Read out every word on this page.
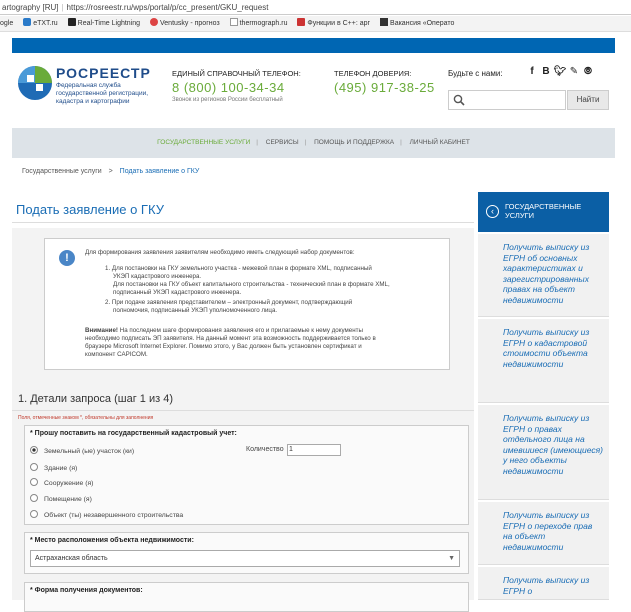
artography [RU] | https://rosreestr.ru/wps/portal/p/cc_present/GKU_request
ogle	eTXT.ru	Real-Time Lightning	Ventusky - прогноз	thermograph.ru	Функции в C++: арг	Вакансия «Операто
РОСРЕЕСТР
Федеральная служба государственной регистрации, кадастра и картографии
ЕДИНЫЙ СПРАВОЧНЫЙ ТЕЛЕФОН:
8 (800) 100-34-34
Звонок из регионов России бесплатный
ТЕЛЕФОН ДОВЕРИЯ:
(495) 917-38-25
Будьте с нами:	f B 🐦︎ ✎ ⦾
Найти
ГОСУДАРСТВЕННЫЕ УСЛУГИ | СЕРВИСЫ | ПОМОЩЬ И ПОДДЕРЖКА | ЛИЧНЫЙ КАБИНЕТ
Государственные услуги > Подать заявление о ГКУ
Подать заявление о ГКУ
!	Для формирования заявления заявителям необходимо иметь следующий набор документов:

1. Для постановки на ГКУ земельного участка - межевой план в формате XML, подписанный

УКЭП кадастрового инженера.

Для постановки на ГКУ объект капитального строительства - технический план в формате XML,

подписанный УКЭП кадастрового инженера.

2. При подаче заявления представителем – электронный документ, подтверждающий

полномочия, подписанный УКЭП уполномоченного лица.

Внимание! На последнем шаге формирования заявления его и прилагаемые к нему документы

необходимо подписать ЭП заявителя. На данный момент эта возможность поддерживается только в

браузере Microsoft Internet Explorer. Помимо этого, у Вас должен быть установлен сертификат и

компонент CAPICOM.

1. Детали запроса (шаг 1 из 4)
Поля, отмеченные знаком *, обязательны для заполнения
* Прошу поставить на государственный кадастровый учет:
Земельный (ые) участок (ки)
Здание (я)
Сооружение (я)
Помещение (я)
Объект (ты) незавершенного строительства
Количество 1
* Место расположения объекта недвижимости:
Астраханская область	▼
* Форма получения документов:
‹	ГОСУДАРСТВЕННЫЕ УСЛУГИ
Получить выписку из ЕГРН об основных характеристиках и зарегистрированных правах на объект недвижимости
Получить выписку из ЕГРН о кадастровой стоимости объекта недвижимости
Получить выписку из ЕГРН о правах отдельного лица на имевшиеся (имеющиеся) у него объекты недвижимости
Получить выписку из ЕГРН о переходе прав на объект недвижимости
Получить выписку из ЕГРН о
